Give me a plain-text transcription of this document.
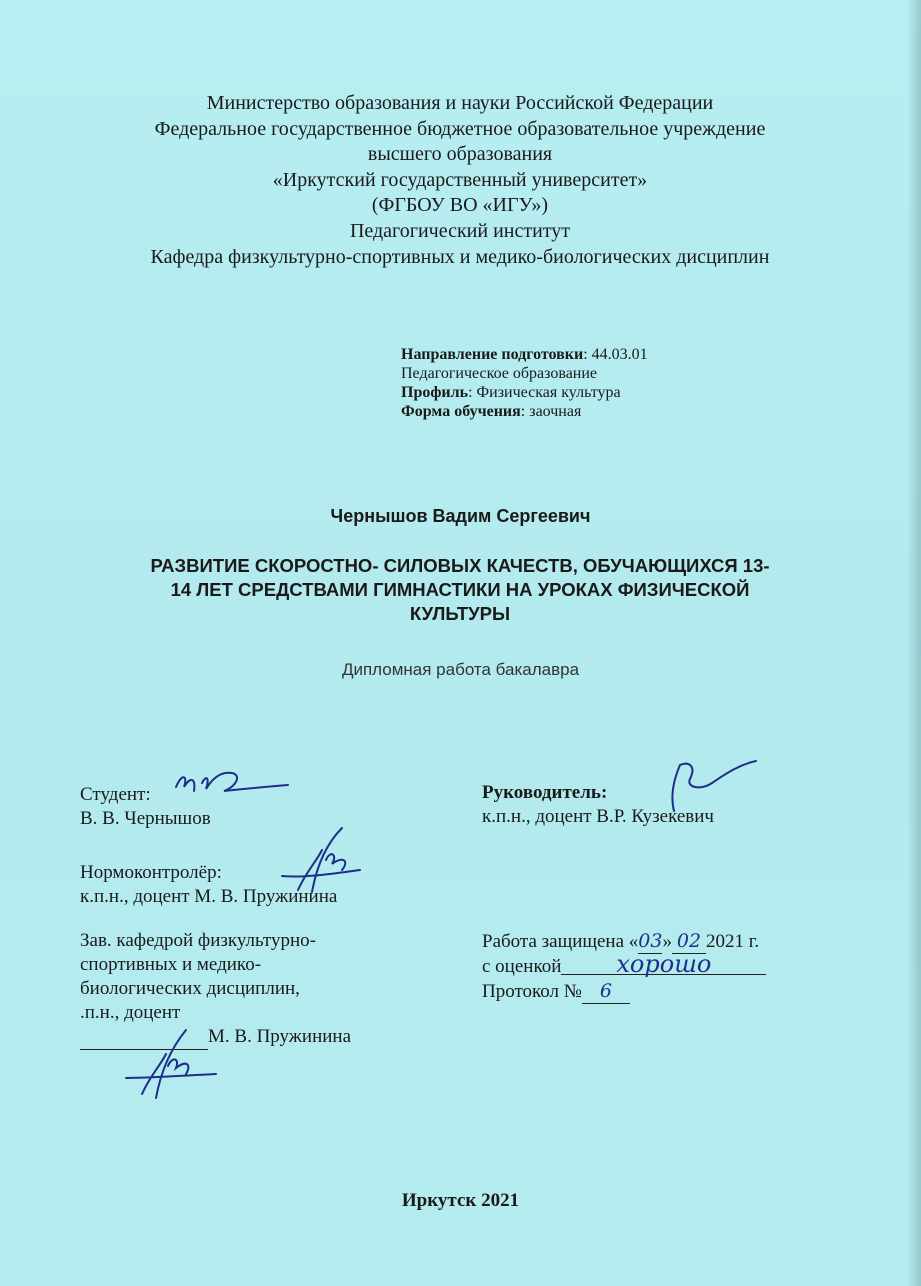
Министерство образования и науки Российской Федерации
Федеральное государственное бюджетное образовательное учреждение
высшего образования
«Иркутский государственный университет»
(ФГБОУ ВО «ИГУ»)
Педагогический институт
Кафедра физкультурно-спортивных и медико-биологических дисциплин
Направление подготовки: 44.03.01
Педагогическое образование
Профиль: Физическая культура
Форма обучения: заочная
Чернышов Вадим Сергеевич
РАЗВИТИЕ СКОРОСТНО- СИЛОВЫХ КАЧЕСТВ, ОБУЧАЮЩИХСЯ 13-
14 ЛЕТ СРЕДСТВАМИ ГИМНАСТИКИ НА УРОКАХ ФИЗИЧЕСКОЙ
КУЛЬТУРЫ
Дипломная работа бакалавра
Студент:
В. В. Чернышов
Руководитель:
к.п.н., доцент В.Р. Кузекевич
Нормоконтролёр:
к.п.н., доцент М. В. Пружинина
Зав. кафедрой физкультурно-
спортивных и медико-
биологических дисциплин,
.п.н., доцент
М. В. Пружинина
Работа защищена «03» 02 2021 г.
с оценкой хорошо
Протокол № 6
Иркутск 2021
